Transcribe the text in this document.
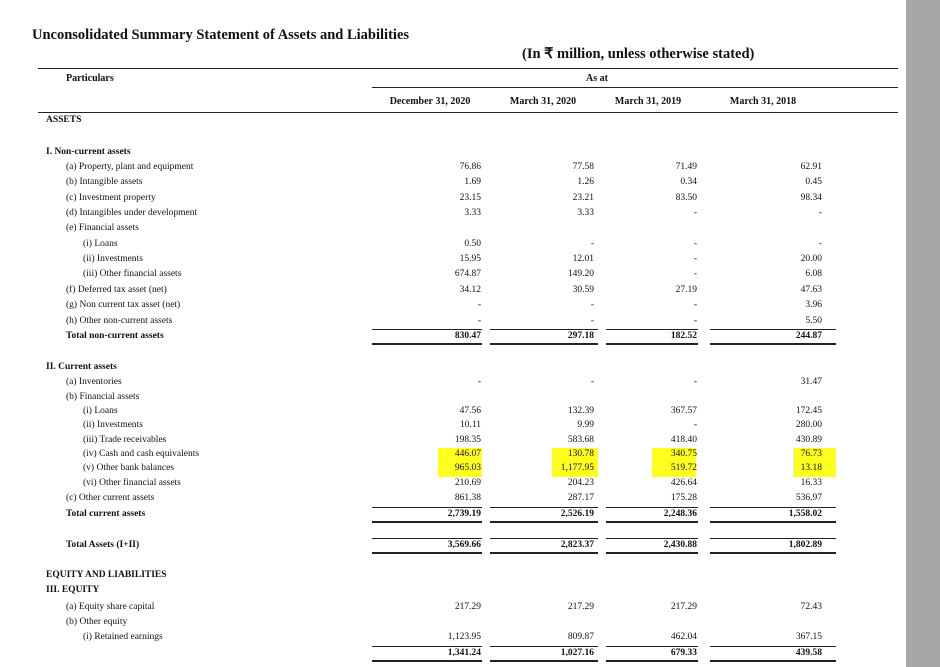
Unconsolidated Summary Statement of Assets and Liabilities
(In ₹ million, unless otherwise stated)
Particulars	As at
December 31, 2020	March 31, 2020	March 31, 2019	March 31, 2018
ASSETS
I. Non-current assets
(a) Property, plant and equipment	76.86	77.58	71.49	62.91
(b) Intangible assets	1.69	1.26	0.34	0.45
(c) Investment property	23.15	23.21	83.50	98.34
(d) Intangibles under development	3.33	3.33	-	-
(e) Financial assets
(i) Loans	0.50	-	-	-
(ii) Investments	15.95	12.01	-	20.00
(iii) Other financial assets	674.87	149.20	-	6.08
(f) Deferred tax asset (net)	34.12	30.59	27.19	47.63
(g) Non current tax asset (net)	-	-	-	3.96
(h) Other non-current assets	-	-	-	5.50
Total non-current assets	830.47	297.18	182.52	244.87
II. Current assets
(a) Inventories	-	-	-	31.47
(b) Financial assets
(i) Loans	47.56	132.39	367.57	172.45
(ii) Investments	10.11	9.99	-	280.00
(iii) Trade receivables	198.35	583.68	418.40	430.89
(iv) Cash and cash equivalents	446.07	130.78	340.75	76.73
(v) Other bank balances	965.03	1,177.95	519.72	13.18
(vi) Other financial assets	210.69	204.23	426.64	16.33
(c) Other current assets	861.38	287.17	175.28	536.97
Total current assets	2,739.19	2,526.19	2,248.36	1,558.02
Total Assets (I+II)	3,569.66	2,823.37	2,430.88	1,802.89
EQUITY AND LIABILITIES
III. EQUITY
(a) Equity share capital	217.29	217.29	217.29	72.43
(b) Other equity
(i) Retained earnings	1,123.95	809.87	462.04	367.15
1,341.24	1,027.16	679.33	439.58
